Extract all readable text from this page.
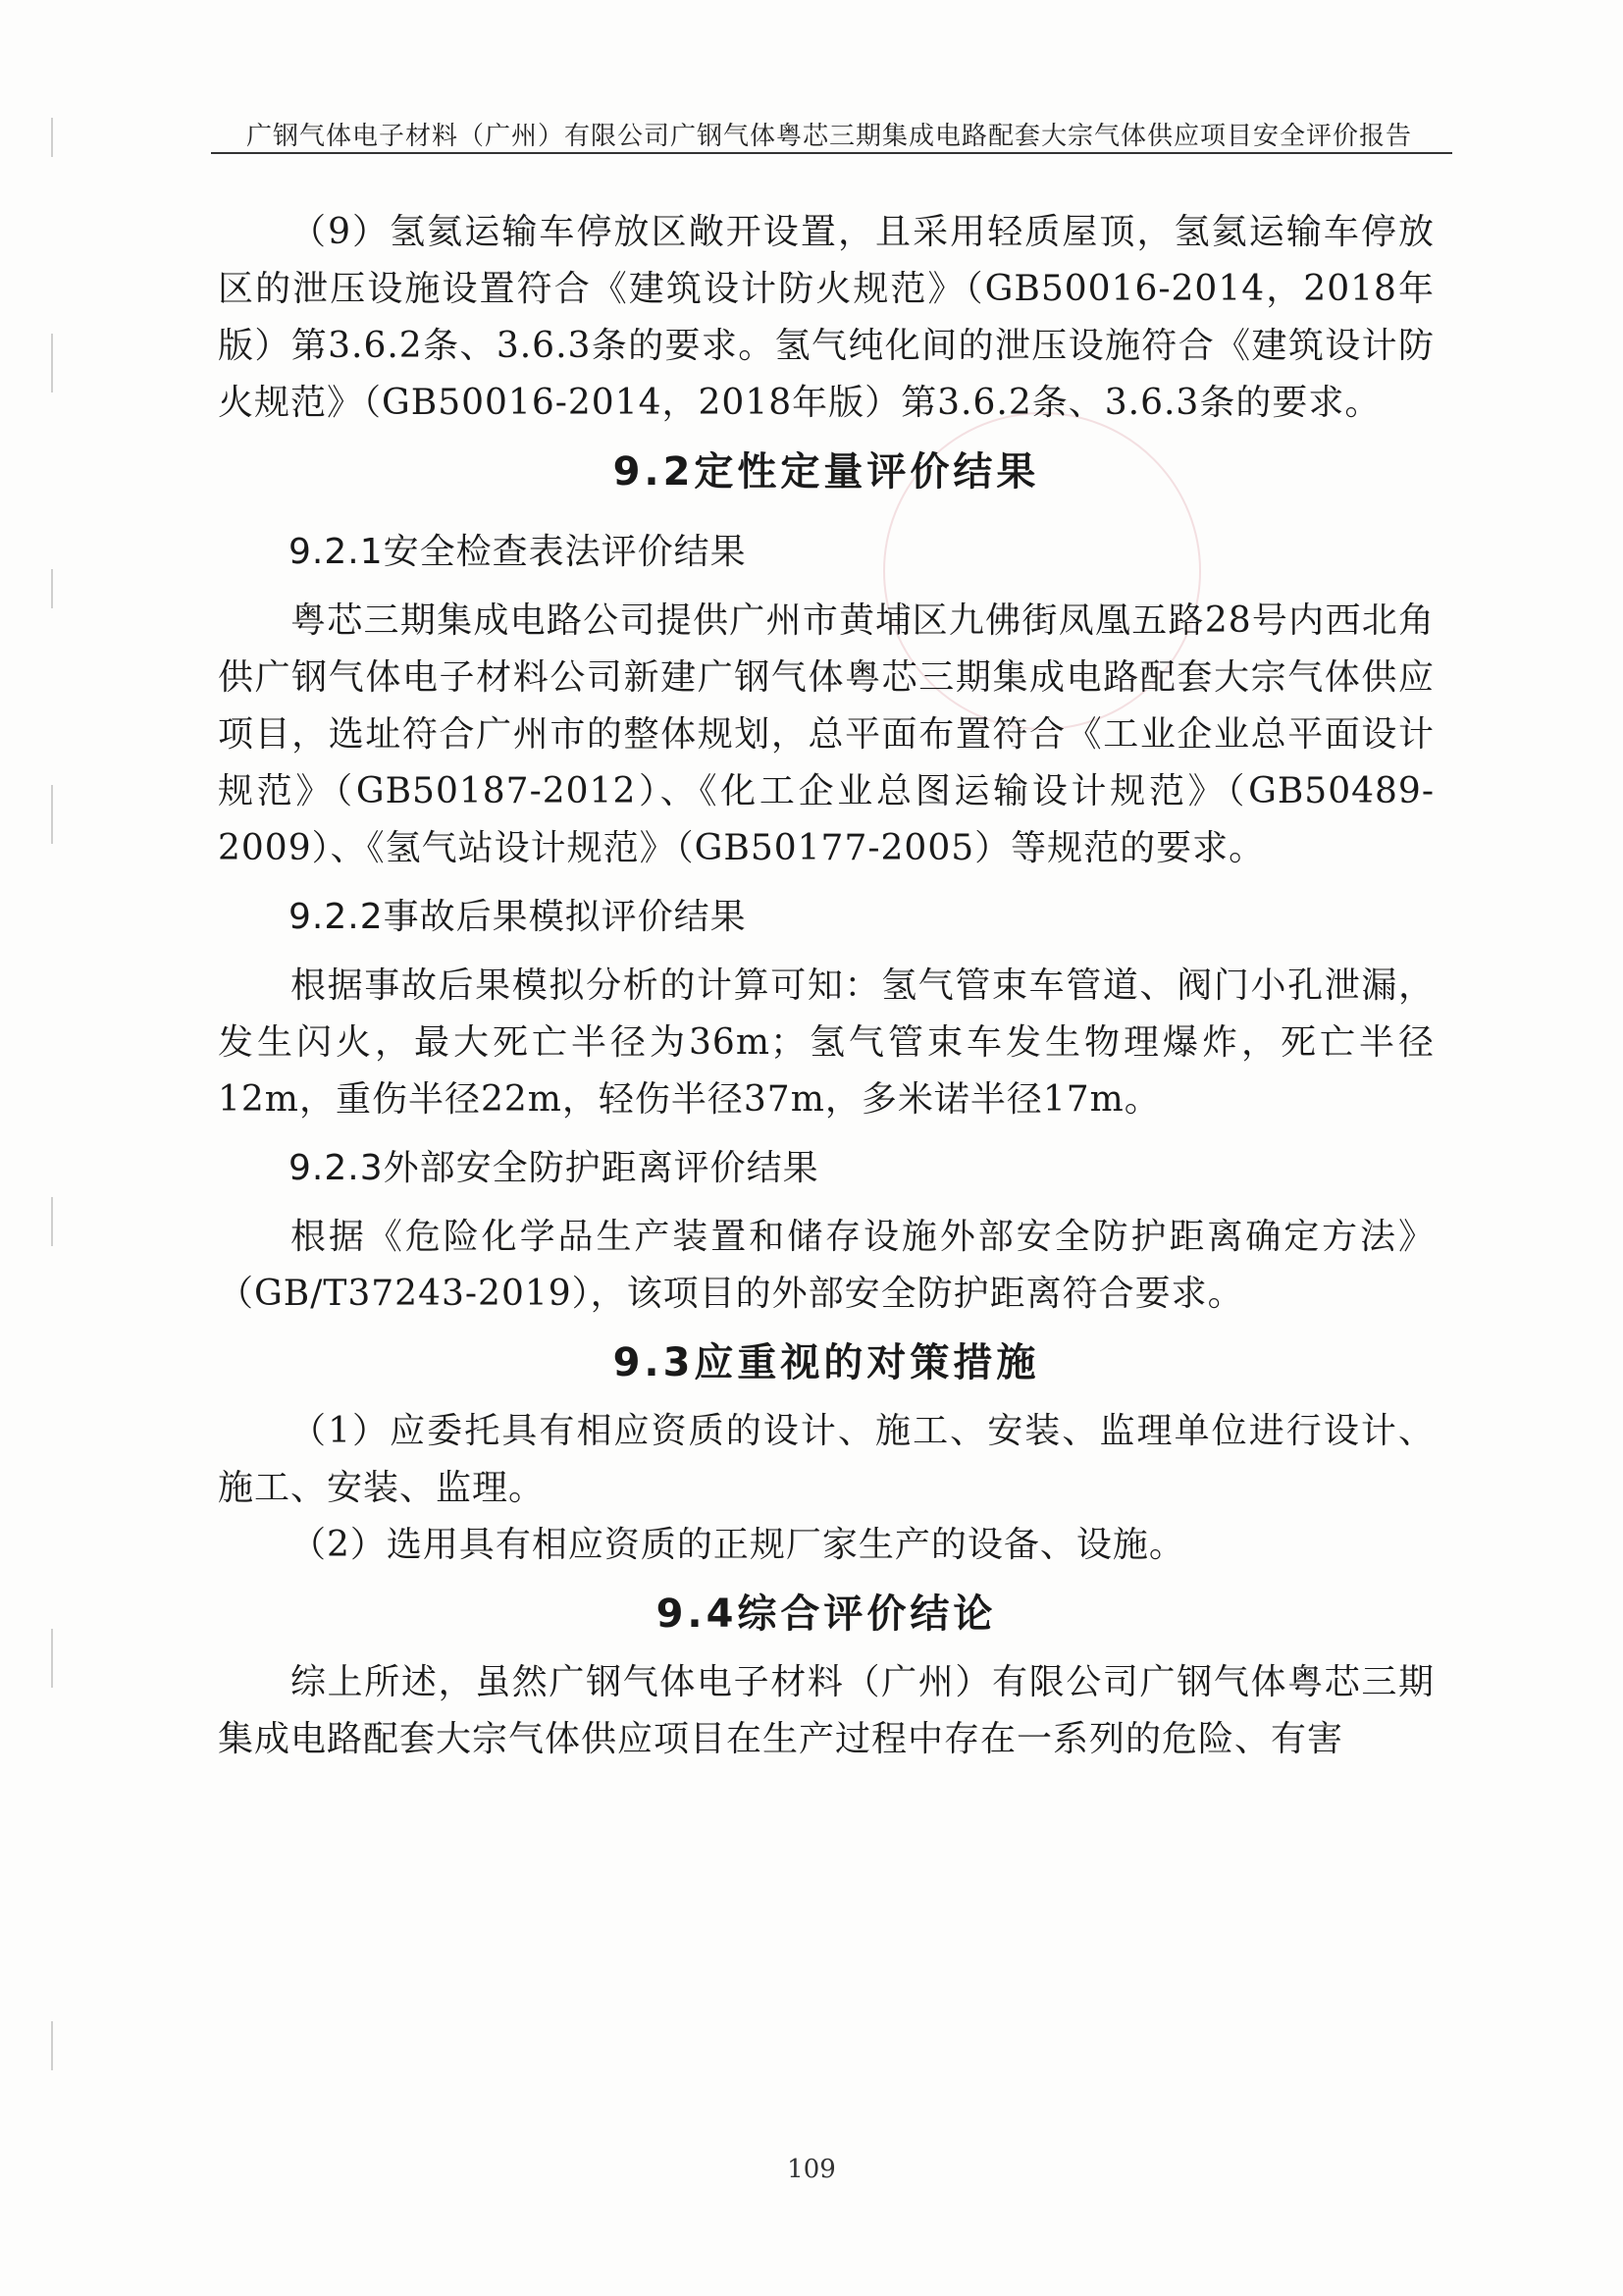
广钢气体电子材料（广州）有限公司广钢气体粤芯三期集成电路配套大宗气体供应项目安全评价报告

（9）氢氦运输车停放区敞开设置，且采用轻质屋顶，氢氦运输车停放区的泄压设施设置符合《建筑设计防火规范》（GB50016-2014，2018年版）第3.6.2条、3.6.3条的要求。氢气纯化间的泄压设施符合《建筑设计防火规范》（GB50016-2014，2018年版）第3.6.2条、3.6.3条的要求。

9.2定性定量评价结果
9.2.1安全检查表法评价结果

粤芯三期集成电路公司提供广州市黄埔区九佛街凤凰五路28号内西北角供广钢气体电子材料公司新建广钢气体粤芯三期集成电路配套大宗气体供应项目，选址符合广州市的整体规划，总平面布置符合《工业企业总平面设计规范》（GB50187-2012）、《化工企业总图运输设计规范》（GB50489-2009）、《氢气站设计规范》（GB50177-2005）等规范的要求。

9.2.2事故后果模拟评价结果

根据事故后果模拟分析的计算可知：氢气管束车管道、阀门小孔泄漏，发生闪火，最大死亡半径为36m；氢气管束车发生物理爆炸，死亡半径12m，重伤半径22m，轻伤半径37m，多米诺半径17m。

9.2.3外部安全防护距离评价结果

根据《危险化学品生产装置和储存设施外部安全防护距离确定方法》（GB/T37243-2019），该项目的外部安全防护距离符合要求。

9.3应重视的对策措施

（1）应委托具有相应资质的设计、施工、安装、监理单位进行设计、施工、安装、监理。

（2）选用具有相应资质的正规厂家生产的设备、设施。

9.4综合评价结论

综上所述，虽然广钢气体电子材料（广州）有限公司广钢气体粤芯三期集成电路配套大宗气体供应项目在生产过程中存在一系列的危险、有害

109
